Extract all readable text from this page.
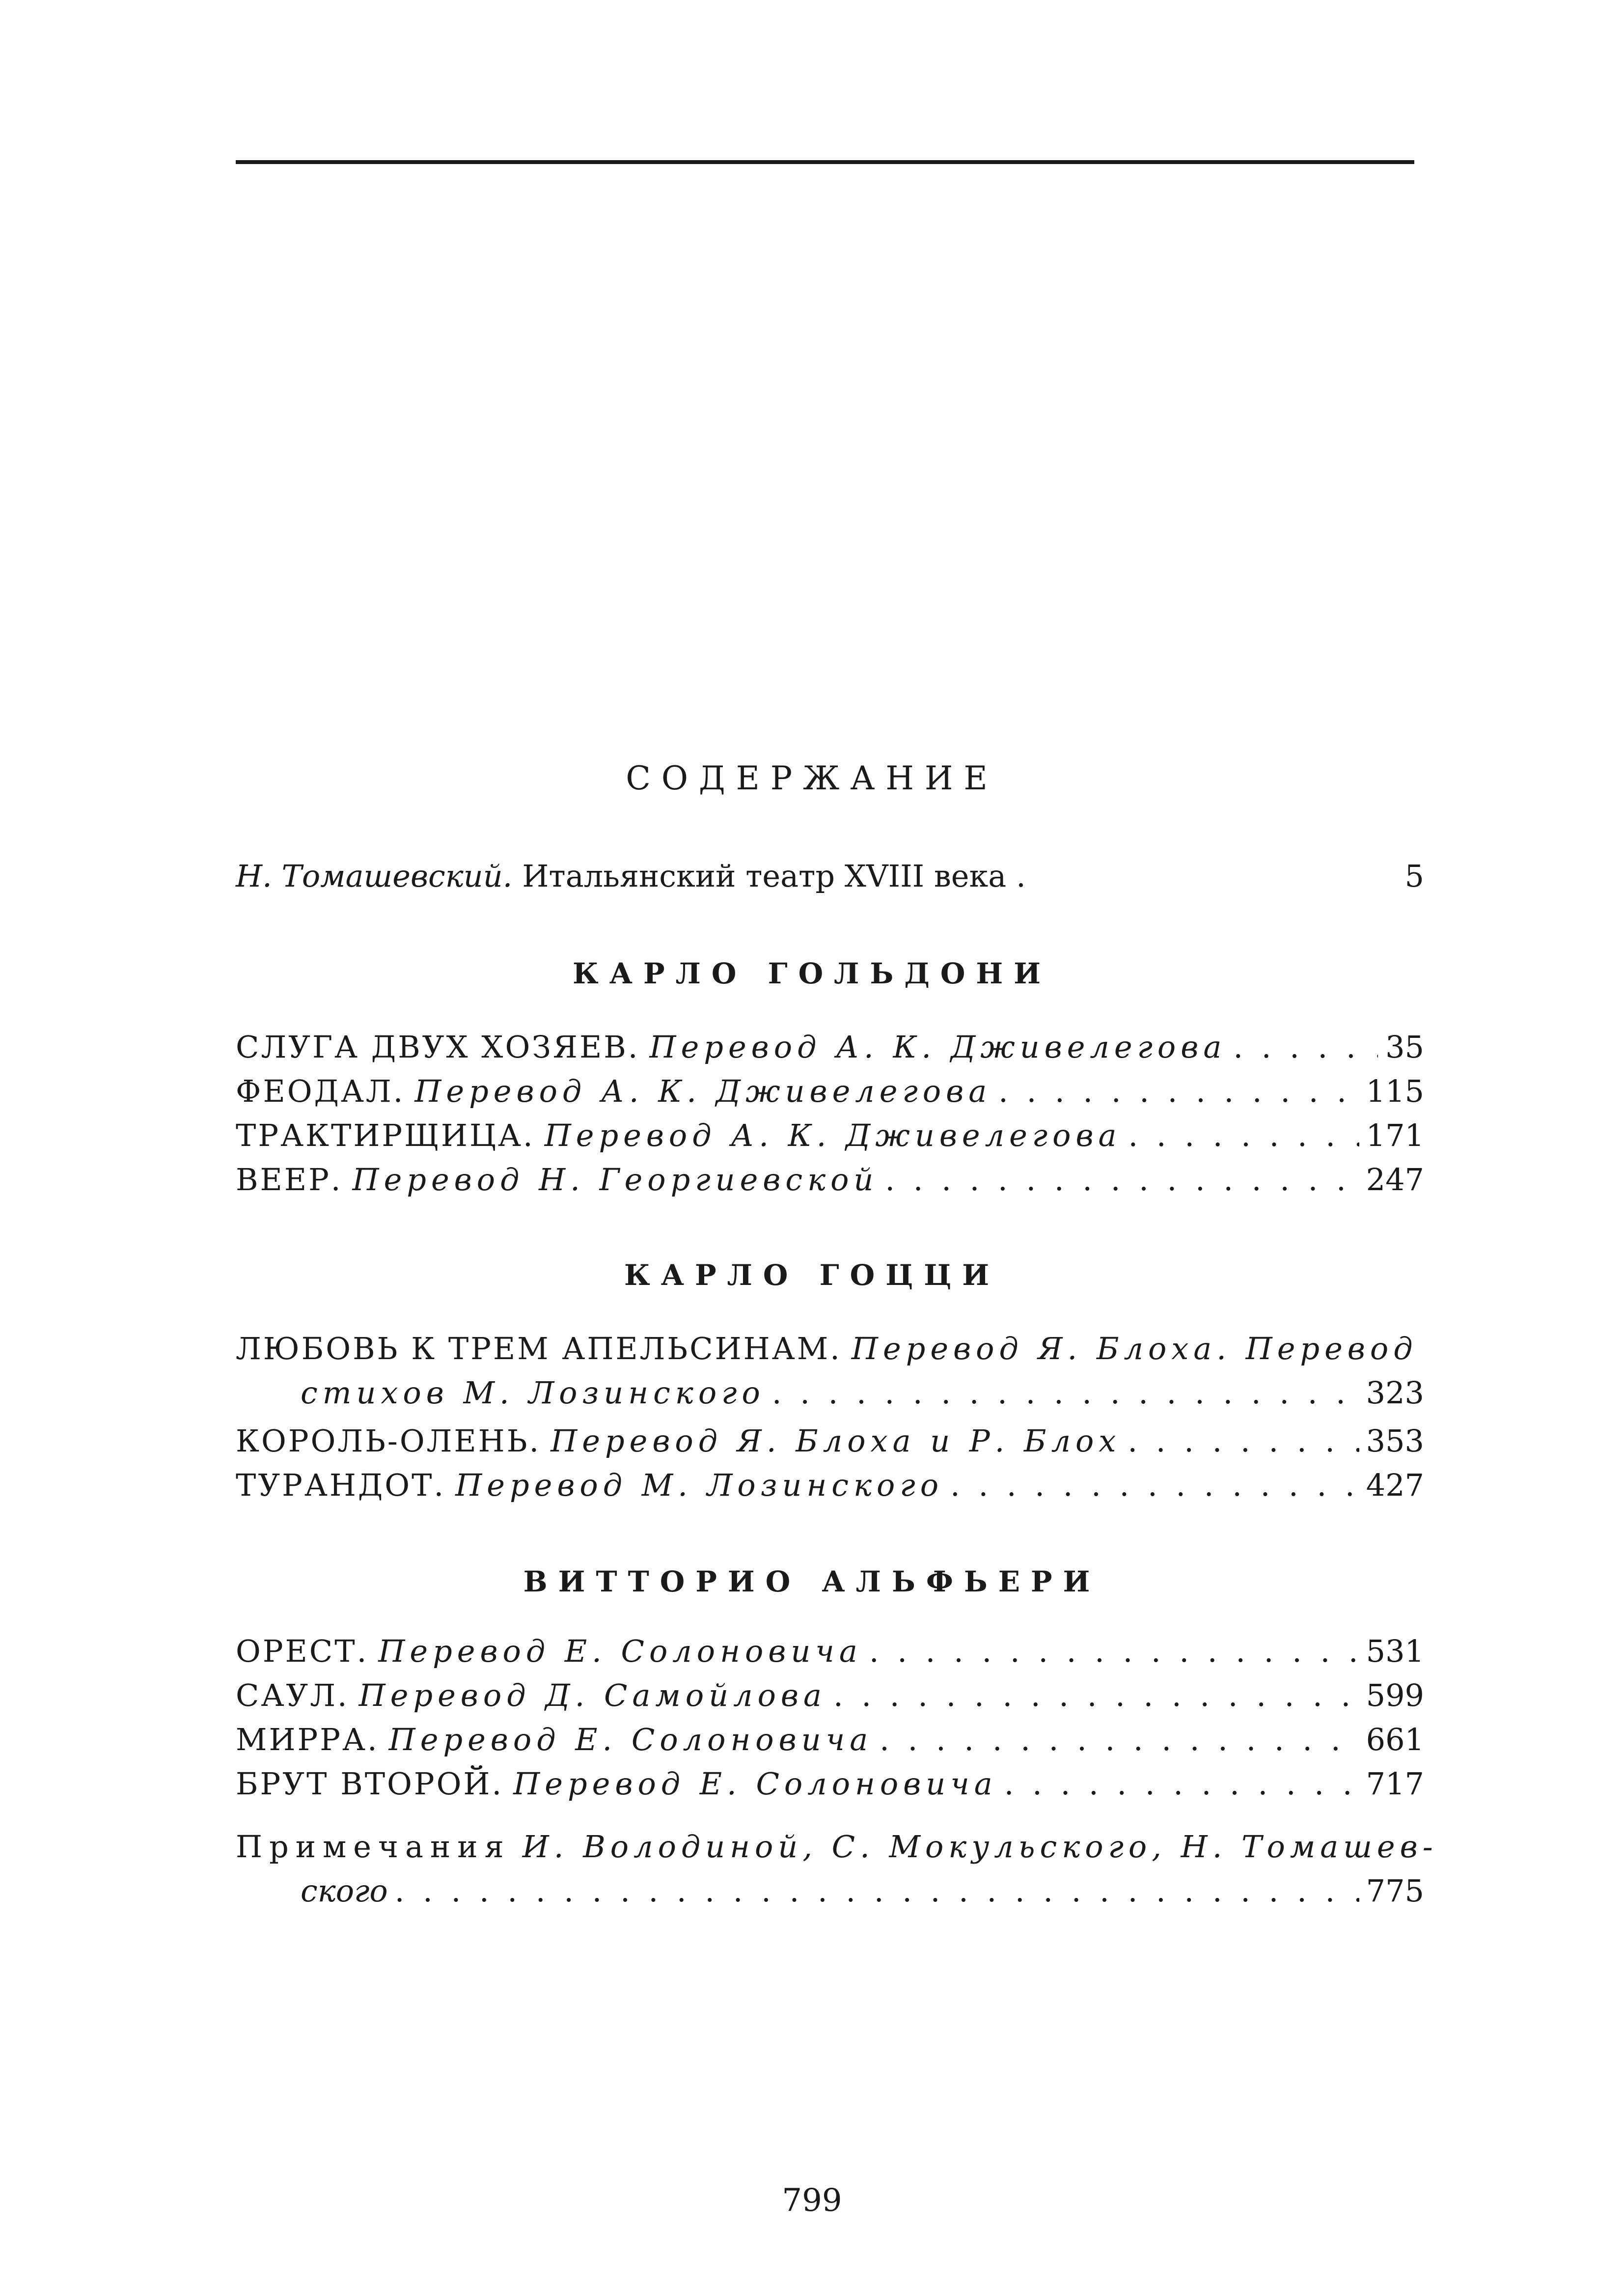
СОДЕРЖАНИЕ
Н. Томашевский. Итальянский театр XVIII века .	5
КАРЛО ГОЛЬДОНИ
СЛУГА ДВУХ ХОЗЯЕВ. Перевод А. К. Дживелегова . . .	35
ФЕОДАЛ. Перевод А. К. Дживелегова . . .	115
ТРАКТИРЩИЦА. Перевод А. К. Дживелегова . . .	171
ВЕЕР. Перевод Н. Георгиевской . . .	247
КАРЛО ГОЦЦИ
ЛЮБОВЬ К ТРЕМ АПЕЛЬСИНАМ. Перевод Я. Блоха. Перевод
стихов М. Лозинского . . .	323
КОРОЛЬ-ОЛЕНЬ. Перевод Я. Блоха и Р. Блох . . .	353
ТУРАНДОТ. Перевод М. Лозинского . . .	427
ВИТТОРИО АЛЬФЬЕРИ
ОРЕСТ. Перевод Е. Солоновича . . .	531
САУЛ. Перевод Д. Самойлова . . .	599
МИРРА. Перевод Е. Солоновича . . .	661
БРУТ ВТОРОЙ. Перевод Е. Солоновича . . .	717
Примечания И. Володиной, С. Мокульского, Н. Томашев-
ского . . .	775
799
